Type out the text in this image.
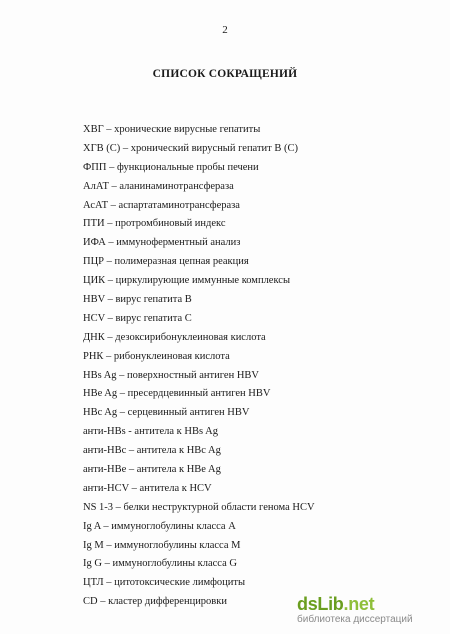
2
СПИСОК СОКРАЩЕНИЙ
ХВГ – хронические вирусные гепатиты
ХГВ (С) – хронический вирусный гепатит В (С)
ФПП – функциональные пробы печени
АлАТ – аланинаминотрансфераза
АсАТ – аспартатаминотрансфераза
ПТИ – протромбиновый индекс
ИФА – иммуноферментный анализ
ПЦР – полимеразная цепная реакция
ЦИК – циркулирующие иммунные комплексы
HBV – вирус гепатита В
HCV – вирус гепатита С
ДНК – дезоксирибонуклеиновая кислота
РНК – рибонуклеиновая кислота
HBs Ag – поверхностный антиген HBV
HBe Ag – пресердцевинный антиген HBV
HBc Ag – серцевинный антиген HBV
анти-HBs - антитела к HBs Ag
анти-HBc – антитела к HBc Ag
анти-HBe – антитела к HBe Ag
анти-HCV – антитела к HCV
NS 1-3 – белки неструктурной области генома HCV
Ig A – иммуноглобулины класса А
Ig M – иммуноглобулины класса М
Ig G – иммуноглобулины класса G
ЦТЛ – цитотоксические лимфоциты
CD – кластер дифференцировки	dsLib.net
библиотека диссертаций
